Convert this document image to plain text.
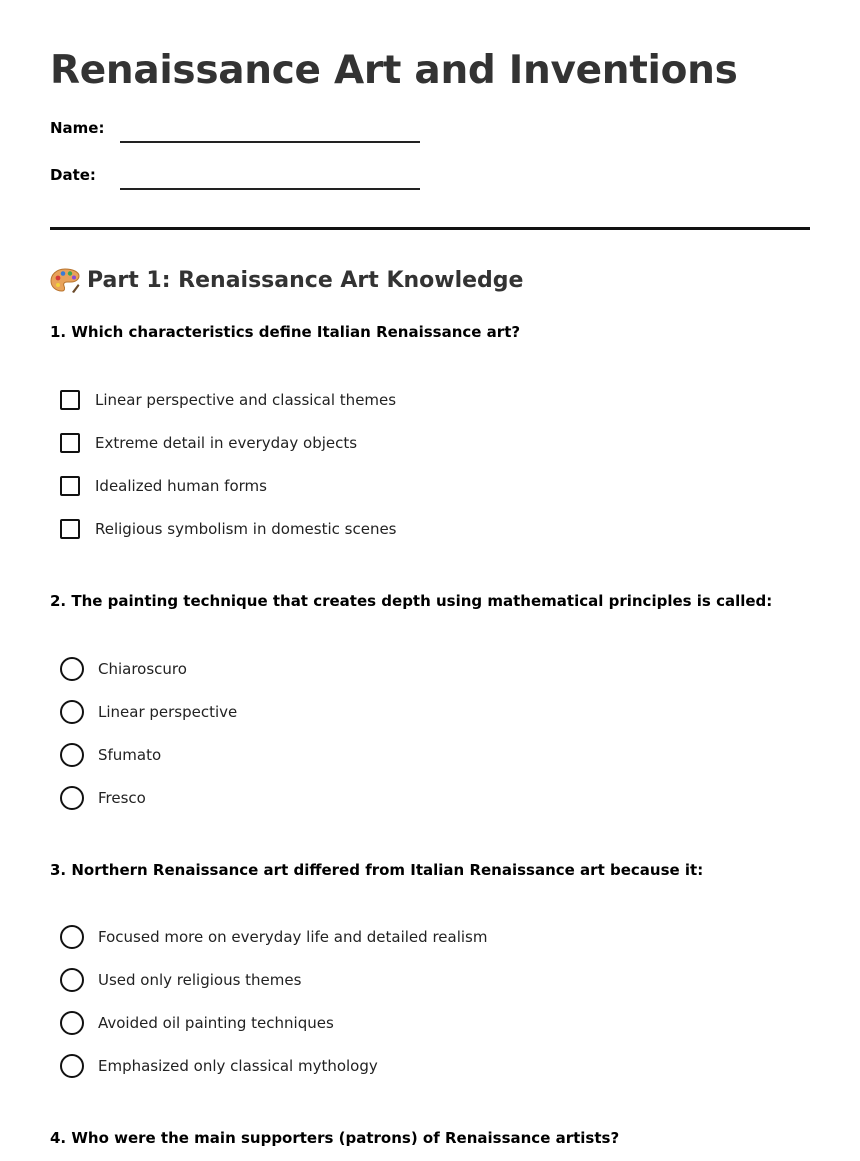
Renaissance Art and Inventions
Name:
Date:
Part 1: Renaissance Art Knowledge
1. Which characteristics define Italian Renaissance art?
Linear perspective and classical themes
Extreme detail in everyday objects
Idealized human forms
Religious symbolism in domestic scenes
2. The painting technique that creates depth using mathematical principles is called:
Chiaroscuro
Linear perspective
Sfumato
Fresco
3. Northern Renaissance art differed from Italian Renaissance art because it:
Focused more on everyday life and detailed realism
Used only religious themes
Avoided oil painting techniques
Emphasized only classical mythology
4. Who were the main supporters (patrons) of Renaissance artists?
